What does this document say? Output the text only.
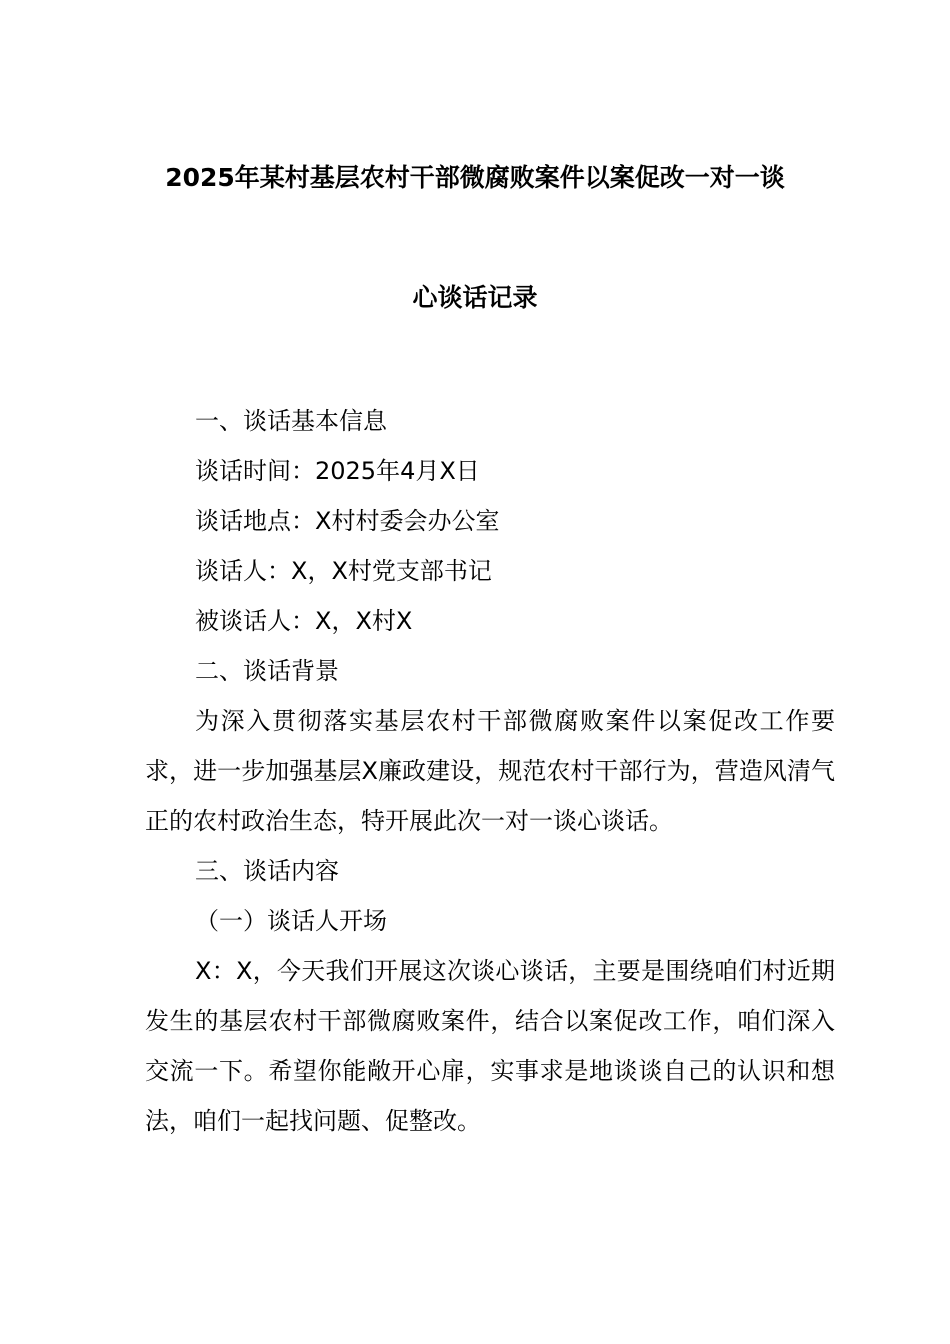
2025年某村基层农村干部微腐败案件以案促改一对一谈
心谈话记录

一、谈话基本信息

谈话时间：2025年4月X日

谈话地点：X村村委会办公室

谈话人：X，X村党支部书记

被谈话人：X，X村X

二、谈话背景

为深入贯彻落实基层农村干部微腐败案件以案促改工作要求，进一步加强基层X廉政建设，规范农村干部行为，营造风清气正的农村政治生态，特开展此次一对一谈心谈话。

三、谈话内容

（一）谈话人开场

X：X，今天我们开展这次谈心谈话，主要是围绕咱们村近期发生的基层农村干部微腐败案件，结合以案促改工作，咱们深入交流一下。希望你能敞开心扉，实事求是地谈谈自己的认识和想法，咱们一起找问题、促整改。
